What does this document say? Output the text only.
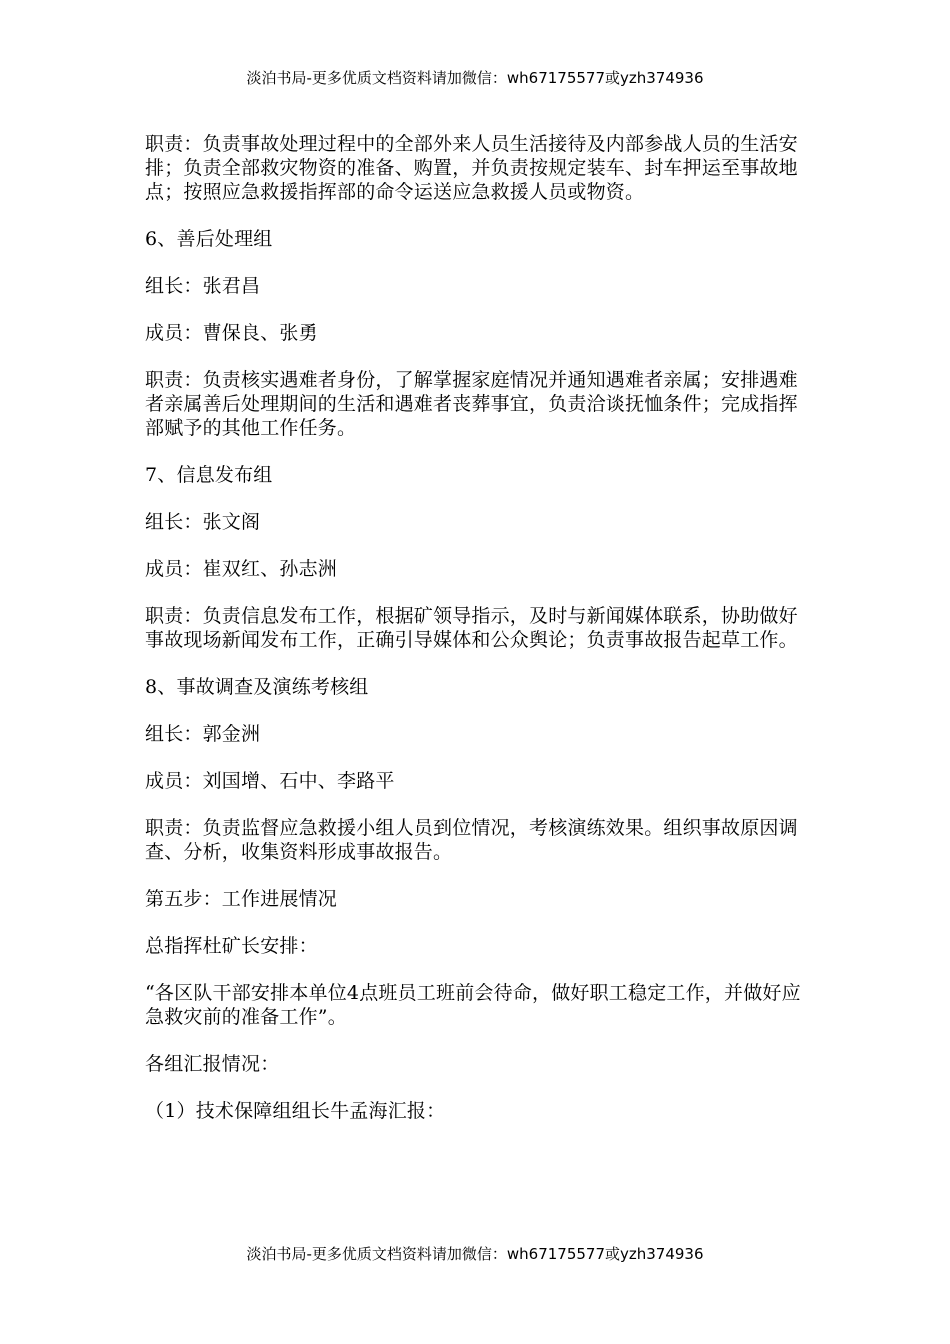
淡泊书局-更多优质文档资料请加微信：wh67175577或yzh374936

职责：负责事故处理过程中的全部外来人员生活接待及内部参战人员的生活安排；负责全部救灾物资的准备、购置，并负责按规定装车、封车押运至事故地点；按照应急救援指挥部的命令运送应急救援人员或物资。

6、善后处理组

组长：张君昌

成员：曹保良、张勇

职责：负责核实遇难者身份，了解掌握家庭情况并通知遇难者亲属；安排遇难者亲属善后处理期间的生活和遇难者丧葬事宜，负责洽谈抚恤条件；完成指挥部赋予的其他工作任务。

7、信息发布组

组长：张文阁

成员：崔双红、孙志洲

职责：负责信息发布工作，根据矿领导指示，及时与新闻媒体联系，协助做好事故现场新闻发布工作，正确引导媒体和公众舆论；负责事故报告起草工作。

8、事故调查及演练考核组

组长：郭金洲

成员：刘国增、石中、李路平

职责：负责监督应急救援小组人员到位情况，考核演练效果。组织事故原因调查、分析，收集资料形成事故报告。

第五步：工作进展情况

总指挥杜矿长安排：

“各区队干部安排本单位4点班员工班前会待命，做好职工稳定工作，并做好应急救灾前的准备工作”。

各组汇报情况：

（1）技术保障组组长牛孟海汇报：

淡泊书局-更多优质文档资料请加微信：wh67175577或yzh374936
